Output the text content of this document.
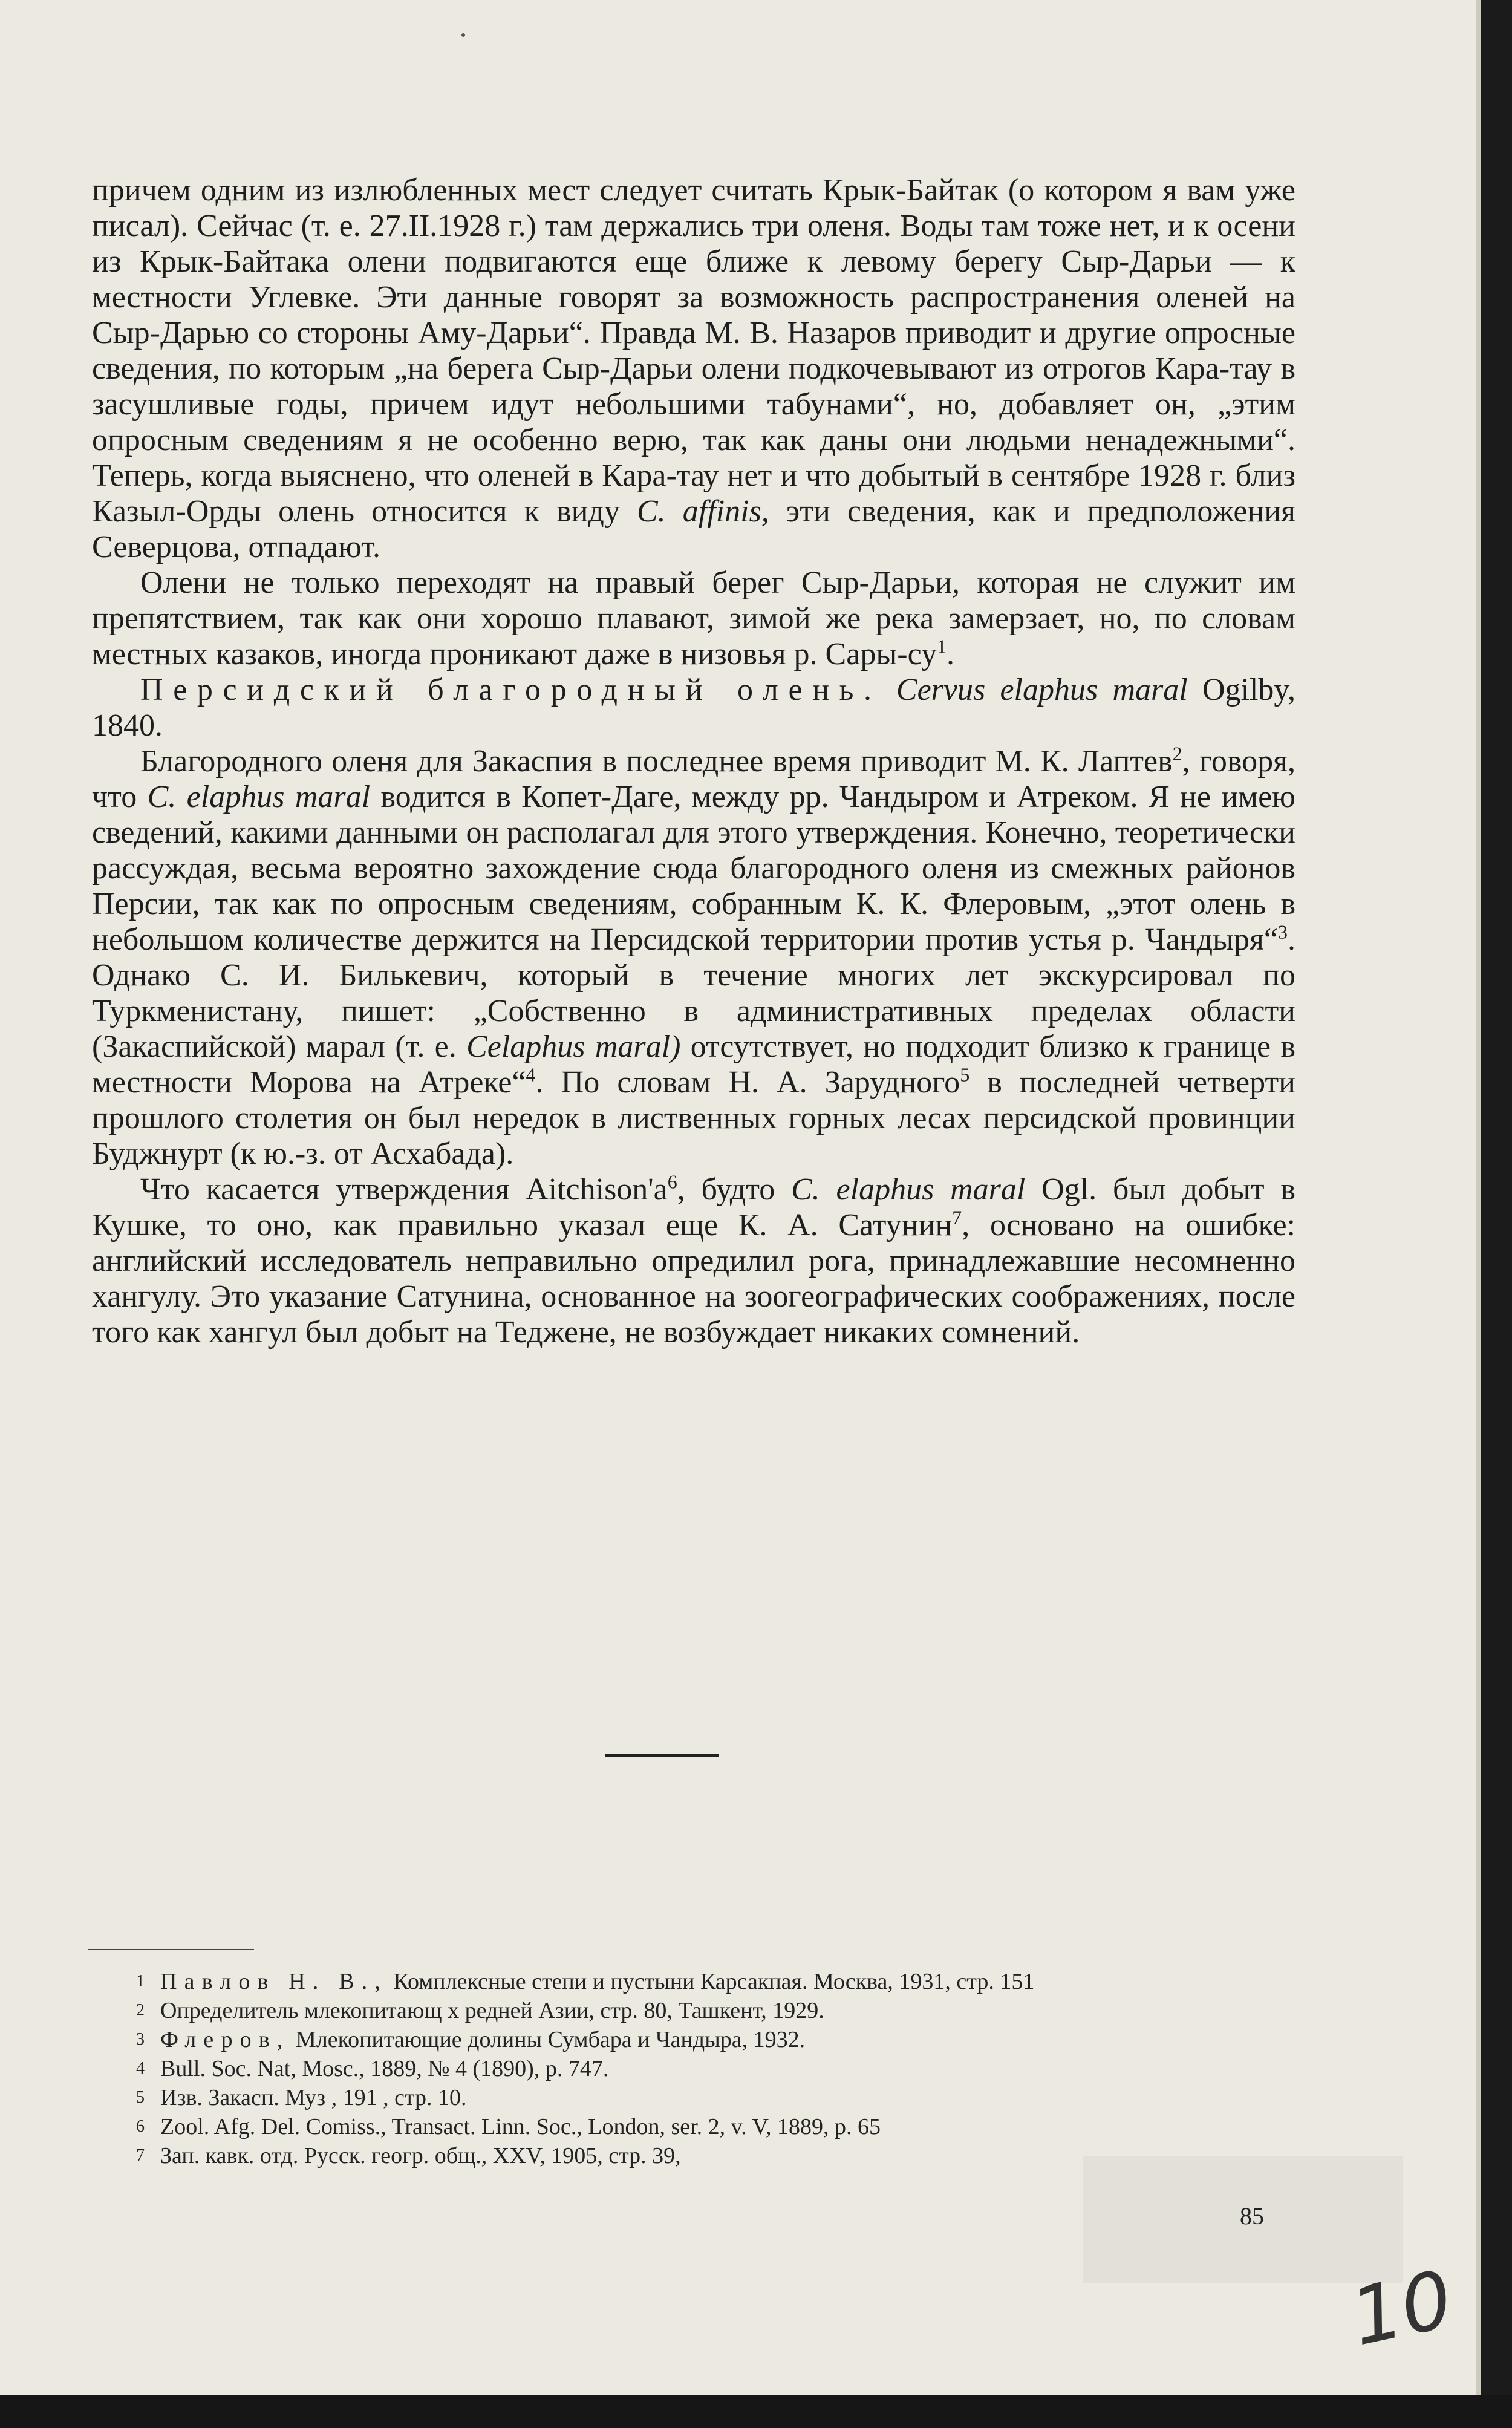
причем одним из излюбленных мест следует считать Крык-Байтак (о котором я вам уже писал). Сейчас (т. е. 27.II.1928 г.) там держались три оленя. Воды там тоже нет, и к осени из Крык-Байтака олени подвигаются еще ближе к левому берегу Сыр-Дарьи — к местности Углевке. Эти данные говорят за возможность распространения оленей на Сыр-Дарью со стороны Аму-Дарьи“. Правда М. В. Назаров приводит и другие опросные сведения, по которым „на берега Сыр-Дарьи олени подкочевывают из отрогов Кара-тау в засушливые годы, причем идут небольшими табунами“, но, добавляет он, „этим опросным сведениям я не особенно верю, так как даны они людьми ненадежными“. Теперь, когда выяснено, что оленей в Кара-тау нет и что добытый в сентябре 1928 г. близ Казыл-Орды олень относится к виду C. affinis, эти сведения, как и предположения Северцова, отпадают.

Олени не только переходят на правый берег Сыр-Дарьи, которая не служит им препятствием, так как они хорошо плавают, зимой же река замерзает, но, по словам местных казаков, иногда проникают даже в низовья р. Сары-су$^1$.

Персидский благородный олень. Cervus elaphus maral Ogilby, 1840.

Благородного оленя для Закаспия в последнее время приводит М. К. Лаптев$^2$, говоря, что C. elaphus maral водится в Копет-Даге, между рр. Чандыром и Атреком. Я не имею сведений, какими данными он располагал для этого утверждения. Конечно, теоретически рассуждая, весьма вероятно захождение сюда благородного оленя из смежных районов Персии, так как по опросным сведениям, собранным К. К. Флеровым, „этот олень в небольшом количестве держится на Персидской территории против устья р. Чандыря“$^3$. Однако С. И. Билькевич, который в течение многих лет экскурсировал по Туркменистану, пишет: „Собственно в административных пределах области (Закаспийской) марал (т. е. Celaphus maral) отсутствует, но подходит близко к границе в местности Морова на Атреке“$^4$. По словам Н. А. Зарудного$^5$ в последней четверти прошлого столетия он был нередок в лиственных горных лесах персидской провинции Буджнурт (к ю.-з. от Асхабада).

Что касается утверждения Aitchison'a$^6$, будто C. elaphus maral Ogl. был добыт в Кушке, то оно, как правильно указал еще К. А. Сатунин$^7$, основано на ошибке: английский исследователь неправильно опредилил рога, принадлежавшие несомненно хангулу. Это указание Сатунина, основанное на зоогеографических соображениях, после того как хангул был добыт на Теджене, не возбуждает никаких сомнений.

1 Павлов Н. В., Комплексные степи и пустыни Карсакпая. Москва, 1931, стр. 151
2 Определитель млекопитающ х редней Азии, стр. 80, Ташкент, 1929.
3 Флеров, Млекопитающие долины Сумбара и Чандыра, 1932.
4 Bull. Soc. Nat, Mosc., 1889, № 4 (1890), p. 747.
5 Изв. Закасп. Муз , 191 , стр. 10.
6 Zool. Afg. Del. Comiss., Transact. Linn. Soc., London, ser. 2, v. V, 1889, p. 65
7 Зап. кавк. отд. Русск. геогр. общ., XXV, 1905, стр. 39,
85
10
